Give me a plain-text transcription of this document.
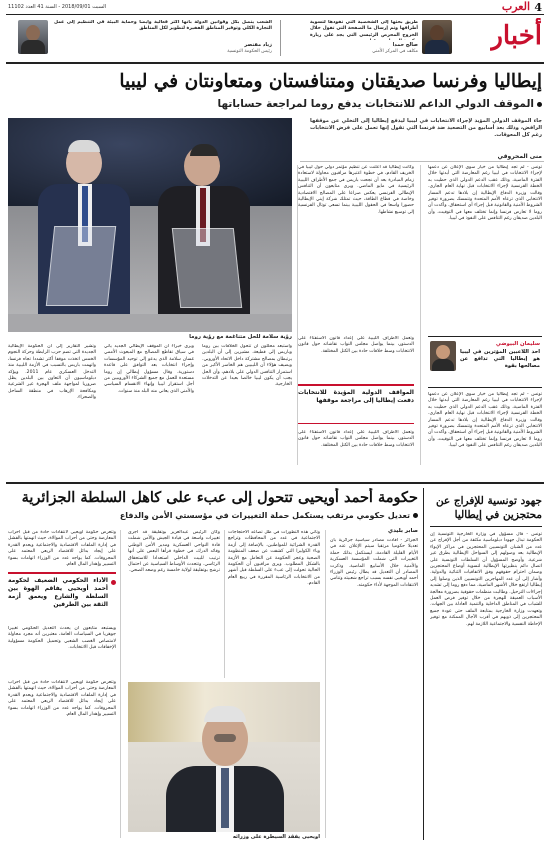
4
العرب
السبت 2018/09/01 - السنة 41 العدد 11102
أخبار
طريق بحثها إلى الشخصية التي تقودها لتسوية أطرافها وتم إرسال ما الصفحة التي تقول خلال الخروج المحرض الرئيسي التي يجد على زيارة
صالح حمدا
مكلف في المركز الأمني
الشعب يتصل بكل وقوانين الدولة بأنها أكثر فعالية وأيضا وحماية البيئة في التنظيم إلى عمل التجارة الكلي وتوفير المناطق الفقيرة لتطوير لكل المناطق
زياد مقتصر
رئيس الحكومة التونسية
إيطاليا وفرنسا صديقتان ومتنافستان ومتعاونتان في ليبيا
الموقف الدولي الداعم للانتخابات يدفع روما لمراجعة حساباتها
جاء الموقف الدولي المؤيد لإجراء الانتخابات في ليبيا ليدفع إيطاليا إلى التخلي عن موقفها الرافض، وذلك بعد أسابيع من التصعيد ضد فرنسا التي تقول إنها تعمل على فرض الانتخابات رغم كل المعوقات.
منى المحروقي
رؤية سلامة للحل متناغمة مع رؤية روما
تونس - لم تجد إيطاليا من خيار سوى الإعلان عن دعمها لإجراء الانتخابات في ليبيا رغم المعارضة التي أبدتها خلال الفترة الماضية، وذلك عقب الدعم الدولي الذي حظيت به الخطة الفرنسية لإجراء الانتخابات قبل نهاية العام الجاري. وقالت وزيرة الدفاع الإيطالية إن بلادها تدعم المسار الانتخابي الذي ترعاه الأمم المتحدة وتتمسك بضرورة توفير الشروط الأمنية والقانونية قبل إجراء أي استحقاق. وأكدت أن روما لا تعارض فرنسا وإنما تختلف معها في التوقيت، وأن البلدين صديقان رغم التنافس على النفوذ في ليبيا.
وكانت إيطاليا قد أعلنت عن تنظيم مؤتمر دولي حول ليبيا في الخريف القادم، في خطوة اعتبرها مراقبون محاولة لاستعادة زمام المبادرة بعد أن نجحت باريس في جمع الأطراف الليبية الرئيسية في مايو الماضي. ويرى متابعون أن التنافس الإيطالي الفرنسي يعكس صراعا على المصالح الاقتصادية وخاصة في قطاع الطاقة، حيث تمتلك شركة إيني الإيطالية حضورا واسعا في الحقول الليبية بينما تسعى توتال الفرنسية إلى توسيع نشاطها.
وتشير التقارير إلى أن الحكومة الإيطالية الجديدة التي تضم حزب الرابطة وحركة النجوم الخمس اتخذت موقفا أكثر تشددا تجاه فرنسا، واتهمت باريس بالتسبب في الأزمة الليبية منذ التدخل العسكري عام 2011. ويؤكد دبلوماسيون أن التعاون بين البلدين يظل ضروريا لمواجهة ملف الهجرة غير الشرعية ومكافحة الإرهاب في منطقة الساحل والصحراء.
ويرى خبراء أن الموقف الإيطالي الجديد يأتي في سياق تقاطع المصالح مع المبعوث الأممي غسان سلامة الذي يدعو إلى توحيد المؤسسات وإجراء انتخابات بعد التوافق على قاعدة دستورية. وقال مسؤول إيطالي إن روما مستعدة للعمل مع جميع الشركاء الأوروبيين من أجل استقرار ليبيا وإنهاء الانقسام السياسي والأمني الذي يعاني منه البلد منذ سنوات.
واستبعد محللون أن تتحول الخلافات بين روما وباريس إلى قطيعة، مشيرين إلى أن البلدين يرتبطان بمصالح مشتركة داخل الاتحاد الأوروبي. ويضيف هؤلاء أن الليبيين هم الخاسر الأكبر من استمرار التنافس الدولي على بلادهم، وأن الحل يجب أن يكون ليبيا خالصا بعيدا عن التدخلات الخارجية.
وتعمل الأطراف الليبية على إعداد قانون الاستفتاء على الدستور، بينما يواصل مجلس النواب نقاشاته حول قانون الانتخابات وسط خلافات حادة بين الكتل المختلفة.
المواقف الدولية المؤيدة للانتخابات دفعت إيطاليا إلى مراجعة موقفها
وتعمل الأطراف الليبية على إعداد قانون الاستفتاء على الدستور، بينما يواصل مجلس النواب نقاشاته حول قانون الانتخابات وسط خلافات حادة بين الكتل المختلفة.
سليمان البيوضي
أحد اللاعبين المؤثرين في ليبيا هو إيطاليا التي تدافع عن مصالحها بقوة
تونس - لم تجد إيطاليا من خيار سوى الإعلان عن دعمها لإجراء الانتخابات في ليبيا رغم المعارضة التي أبدتها خلال الفترة الماضية، وذلك عقب الدعم الدولي الذي حظيت به الخطة الفرنسية لإجراء الانتخابات قبل نهاية العام الجاري. وقالت وزيرة الدفاع الإيطالية إن بلادها تدعم المسار الانتخابي الذي ترعاه الأمم المتحدة وتتمسك بضرورة توفير الشروط الأمنية والقانونية قبل إجراء أي استحقاق. وأكدت أن روما لا تعارض فرنسا وإنما تختلف معها في التوقيت، وأن البلدين صديقان رغم التنافس على النفوذ في ليبيا.
حكومة أحمد أويحيى تتحول إلى عبء على كاهل السلطة الجزائرية
تعديل حكومي مرتقب يستكمل حملة التغييرات في مؤسستي الأمن والدفاع
صابر بليدي
الجزائر - أفادت مصادر سياسية جزائرية بأن تعديلا حكوميا مرتقبا سيتم الإعلان عنه في الأيام القليلة القادمة، ليستكمل بذلك حملة التغييرات التي شملت المؤسسة العسكرية والأمنية خلال الأسابيع الماضية. وذكرت المصادر أن التعديل قد يطال رئيس الوزراء أحمد أويحيى نفسه بسبب تراجع شعبيته وتنامي الانتقادات الموجهة لأداء حكومته.
وتأتي هذه التطورات في ظل تصاعد الاحتجاجات الاجتماعية في عدد من المحافظات وتراجع القدرة الشرائية للمواطنين، بالإضافة إلى أزمة وباء الكوليرا التي كشفت عن ضعف المنظومة الصحية وعجز الحكومة عن التعامل مع الأزمة بالشكل المطلوب. ويرى مراقبون أن الحكومة الحالية تحولت إلى عبء على السلطة قبل أشهر من الانتخابات الرئاسية المقررة في ربيع العام القادم.
وكان الرئيس عبدالعزيز بوتفليقة قد أجرى تغييرات واسعة في قيادة الجيش والأمن شملت قادة النواحي العسكرية ومدير الأمن الوطني وقائد الدرك، في خطوة قرأها البعض على أنها ترتيب للبيت الداخلي استعدادا للاستحقاق الرئاسي. وتتحدث الأوساط السياسية عن احتمال ترشح بوتفليقة لولاية خامسة رغم وضعه الصحي.
وتتعرض حكومة أويحيى لانتقادات حادة من قبل أحزاب المعارضة وحتى من أحزاب الموالاة، حيث اتهمتها بالفشل في إدارة الملفات الاقتصادية والاجتماعية وبعدم القدرة على إيجاد بدائل للاقتصاد الريعي المعتمد على المحروقات. كما يواجه عدد من الوزراء اتهامات بسوء التسيير وإهدار المال العام.
الأداء الحكومي الضعيف لحكومة أحمد أويحيى يفاقم الهوة بين السلطة والشارع ويعمق أزمة الثقة بين الطرفين
ويستبعد متابعون أن يحدث التعديل الحكومي تغييرا جوهريا في السياسات العامة، معتبرين أنه مجرد محاولة لامتصاص الغضب الشعبي وتحميل الحكومة مسؤولية الإخفاقات قبل الانتخابات.
وتتعرض حكومة أويحيى لانتقادات حادة من قبل أحزاب المعارضة وحتى من أحزاب الموالاة، حيث اتهمتها بالفشل في إدارة الملفات الاقتصادية والاجتماعية وبعدم القدرة على إيجاد بدائل للاقتصاد الريعي المعتمد على المحروقات. كما يواجه عدد من الوزراء اتهامات بسوء التسيير وإهدار المال العام.
أويحيى يفقد السيطرة على وزرائه
جهود تونسية للإفراج عن محتجزين في إيطاليا
تونس - قال مسؤول في وزارة الخارجية التونسية إن الحكومة تبذل جهودا دبلوماسية مكثفة من أجل الإفراج عن عدد من الشبان التونسيين المحتجزين في مراكز الإيواء الإيطالية بعد وصولهم إلى السواحل الإيطالية بطرق غير شرعية. وأوضح المسؤول أن السلطات التونسية على اتصال دائم بنظيرتها الإيطالية لتسوية أوضاع المحتجزين وضمان احترام حقوقهم وفق الاتفاقيات الثنائية والدولية. وأشار إلى أن عدد المهاجرين التونسيين الذين وصلوا إلى إيطاليا ارتفع خلال الأشهر الماضية، مما دفع روما إلى تشديد إجراءات الترحيل. وطالبت منظمات حقوقية بضرورة معالجة الأسباب العميقة للهجرة من خلال توفير فرص العمل للشباب في المناطق الداخلية والتنمية العادلة بين الجهات. وتعهدت وزارة الخارجية بمتابعة الملف حتى عودة جميع المحتجزين إلى ذويهم في أقرب الآجال الممكنة مع توفير الإحاطة النفسية والاجتماعية اللازمة لهم.
